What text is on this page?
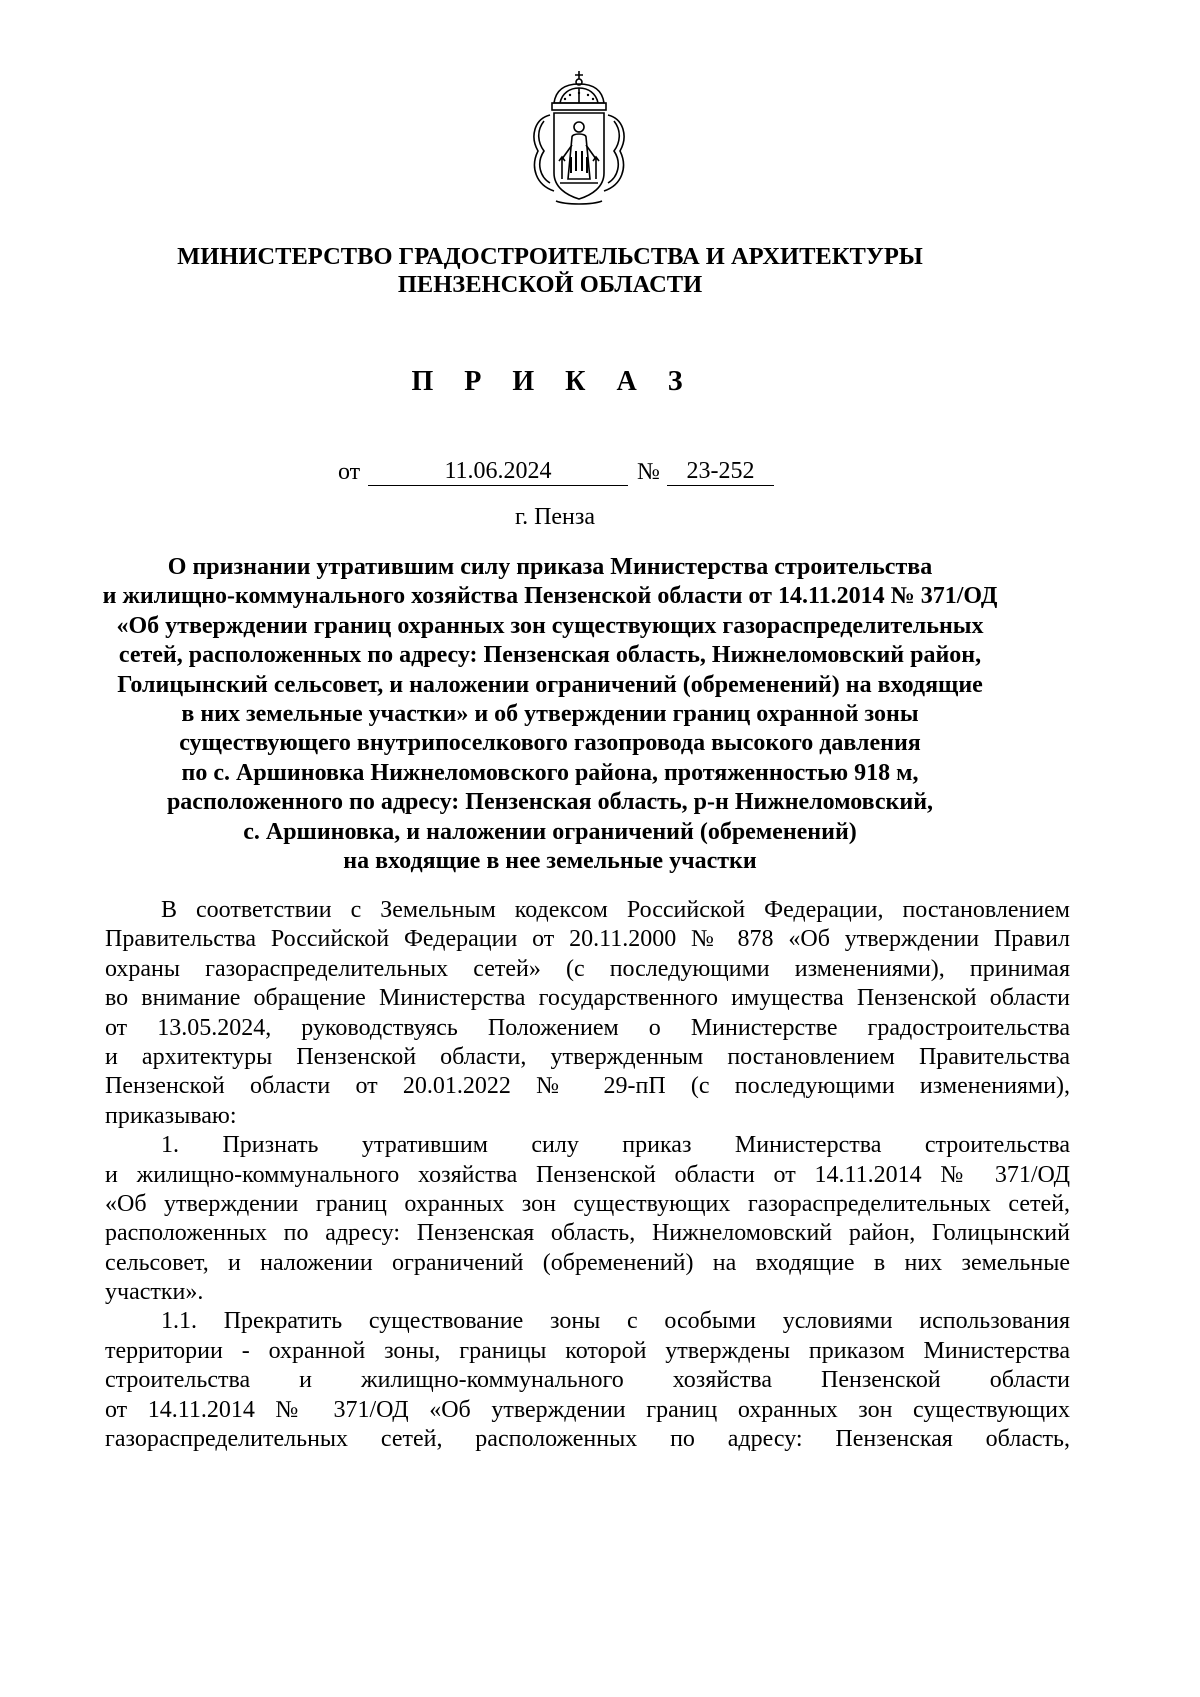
МИНИСТЕРСТВО ГРАДОСТРОИТЕЛЬСТВА И АРХИТЕКТУРЫ
ПЕНЗЕНСКОЙ ОБЛАСТИ
П Р И К А З
от	11.06.2024	№	23-252

г. Пенза

О признании утратившим силу приказа Министерства строительства
и жилищно-коммунального хозяйства Пензенской области от 14.11.2014 № 371/ОД
«Об утверждении границ охранных зон существующих газораспределительных
сетей, расположенных по адресу: Пензенская область, Нижнеломовский район,
Голицынский сельсовет, и наложении ограничений (обременений) на входящие
в них земельные участки» и об утверждении границ охранной зоны
существующего внутрипоселкового газопровода высокого давления
по с. Аршиновка Нижнеломовского района, протяженностью 918 м,
расположенного по адресу: Пензенская область, р-н Нижнеломовский,
с. Аршиновка, и наложении ограничений (обременений)
на входящие в нее земельные участки

В соответствии с Земельным кодексом Российской Федерации, постановлением
Правительства Российской Федерации от 20.11.2000 № 878 «Об утверждении Правил
охраны газораспределительных сетей» (с последующими изменениями), принимая
во внимание обращение Министерства государственного имущества Пензенской области
от 13.05.2024, руководствуясь Положением о Министерстве градостроительства
и архитектуры Пензенской области, утвержденным постановлением Правительства
Пензенской области от 20.01.2022 № 29-пП (с последующими изменениями),
приказываю:
1. Признать утратившим силу приказ Министерства строительства
и жилищно-коммунального хозяйства Пензенской области от 14.11.2014 № 371/ОД
«Об утверждении границ охранных зон существующих газораспределительных сетей,
расположенных по адресу: Пензенская область, Нижнеломовский район, Голицынский
сельсовет, и наложении ограничений (обременений) на входящие в них земельные
участки».
1.1. Прекратить существование зоны с особыми условиями использования
территории - охранной зоны, границы которой утверждены приказом Министерства
строительства и жилищно-коммунального хозяйства Пензенской области
от 14.11.2014 № 371/ОД «Об утверждении границ охранных зон существующих
газораспределительных сетей, расположенных по адресу: Пензенская область,
